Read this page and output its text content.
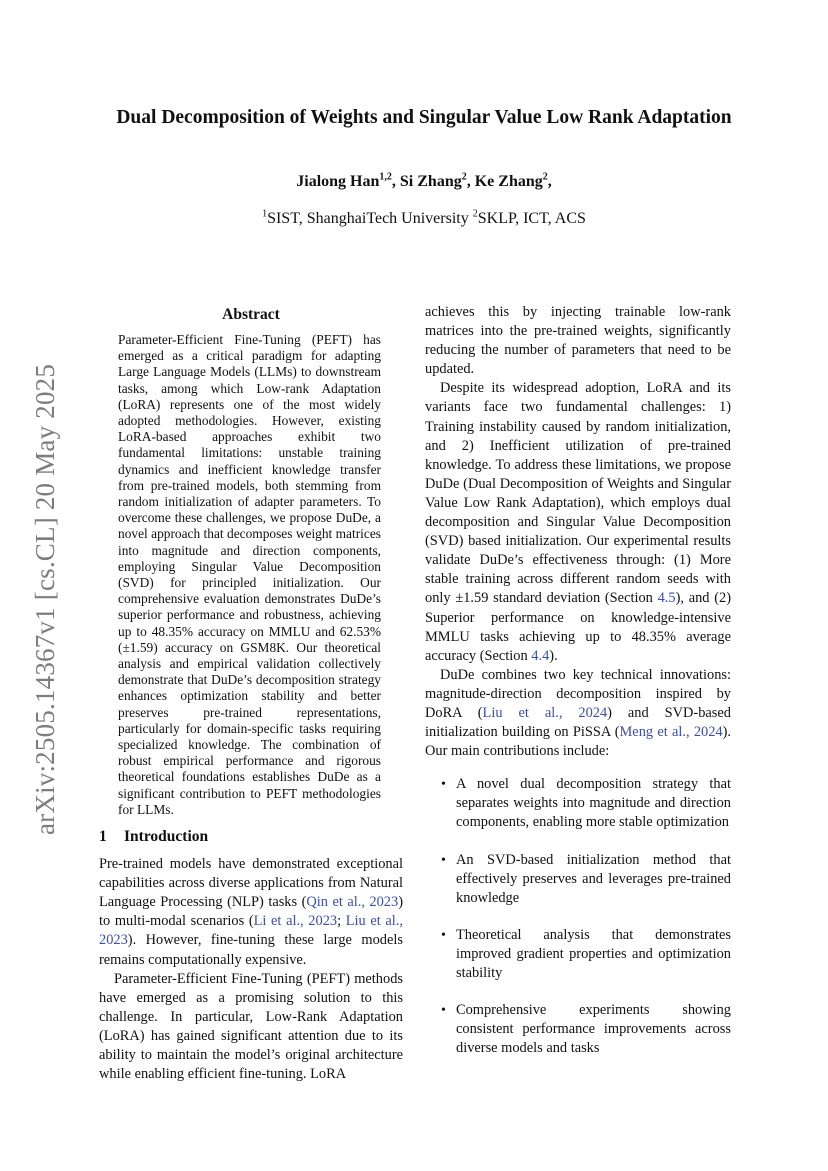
arXiv:2505.14367v1 [cs.CL] 20 May 2025
Dual Decomposition of Weights and Singular Value Low Rank Adaptation
Jialong Han$^{1,2}$, Si Zhang$^2$, Ke Zhang$^2$,
$^1$SIST, ShanghaiTech University $^2$SKLP, ICT, ACS
Abstract

Parameter-Efficient Fine-Tuning (PEFT) has emerged as a critical paradigm for adapting Large Language Models (LLMs) to downstream tasks, among which Low-rank Adaptation (LoRA) represents one of the most widely adopted methodologies. However, existing LoRA-based approaches exhibit two fundamental limitations: unstable training dynamics and inefficient knowledge transfer from pre-trained models, both stemming from random initialization of adapter parameters. To overcome these challenges, we propose DuDe, a novel approach that decomposes weight matrices into magnitude and direction components, employing Singular Value Decomposition (SVD) for principled initialization. Our comprehensive evaluation demonstrates DuDe’s superior performance and robustness, achieving up to 48.35% accuracy on MMLU and 62.53% (±1.59) accuracy on GSM8K. Our theoretical analysis and empirical validation collectively demonstrate that DuDe’s decomposition strategy enhances optimization stability and better preserves pre-trained representations, particularly for domain-specific tasks requiring specialized knowledge. The combination of robust empirical performance and rigorous theoretical foundations establishes DuDe as a significant contribution to PEFT methodologies for LLMs.

1 Introduction

Pre-trained models have demonstrated exceptional capabilities across diverse applications from Natural Language Processing (NLP) tasks (Qin et al., 2023) to multi-modal scenarios (Li et al., 2023; Liu et al., 2023). However, fine-tuning these large models remains computationally expensive.

Parameter-Efficient Fine-Tuning (PEFT) methods have emerged as a promising solution to this challenge. In particular, Low-Rank Adaptation (LoRA) has gained significant attention due to its ability to maintain the model’s original architecture while enabling efficient fine-tuning. LoRA

achieves this by injecting trainable low-rank matrices into the pre-trained weights, significantly reducing the number of parameters that need to be updated.

Despite its widespread adoption, LoRA and its variants face two fundamental challenges: 1) Training instability caused by random initialization, and 2) Inefficient utilization of pre-trained knowledge. To address these limitations, we propose DuDe (Dual Decomposition of Weights and Singular Value Low Rank Adaptation), which employs dual decomposition and Singular Value Decomposition (SVD) based initialization. Our experimental results validate DuDe’s effectiveness through: (1) More stable training across different random seeds with only ±1.59 standard deviation (Section 4.5), and (2) Superior performance on knowledge-intensive MMLU tasks achieving up to 48.35% average accuracy (Section 4.4).

DuDe combines two key technical innovations: magnitude-direction decomposition inspired by DoRA (Liu et al., 2024) and SVD-based initialization building on PiSSA (Meng et al., 2024). Our main contributions include:

• A novel dual decomposition strategy that separates weights into magnitude and direction components, enabling more stable optimization
• An SVD-based initialization method that effectively preserves and leverages pre-trained knowledge
• Theoretical analysis that demonstrates improved gradient properties and optimization stability
• Comprehensive experiments showing consistent performance improvements across diverse models and tasks
